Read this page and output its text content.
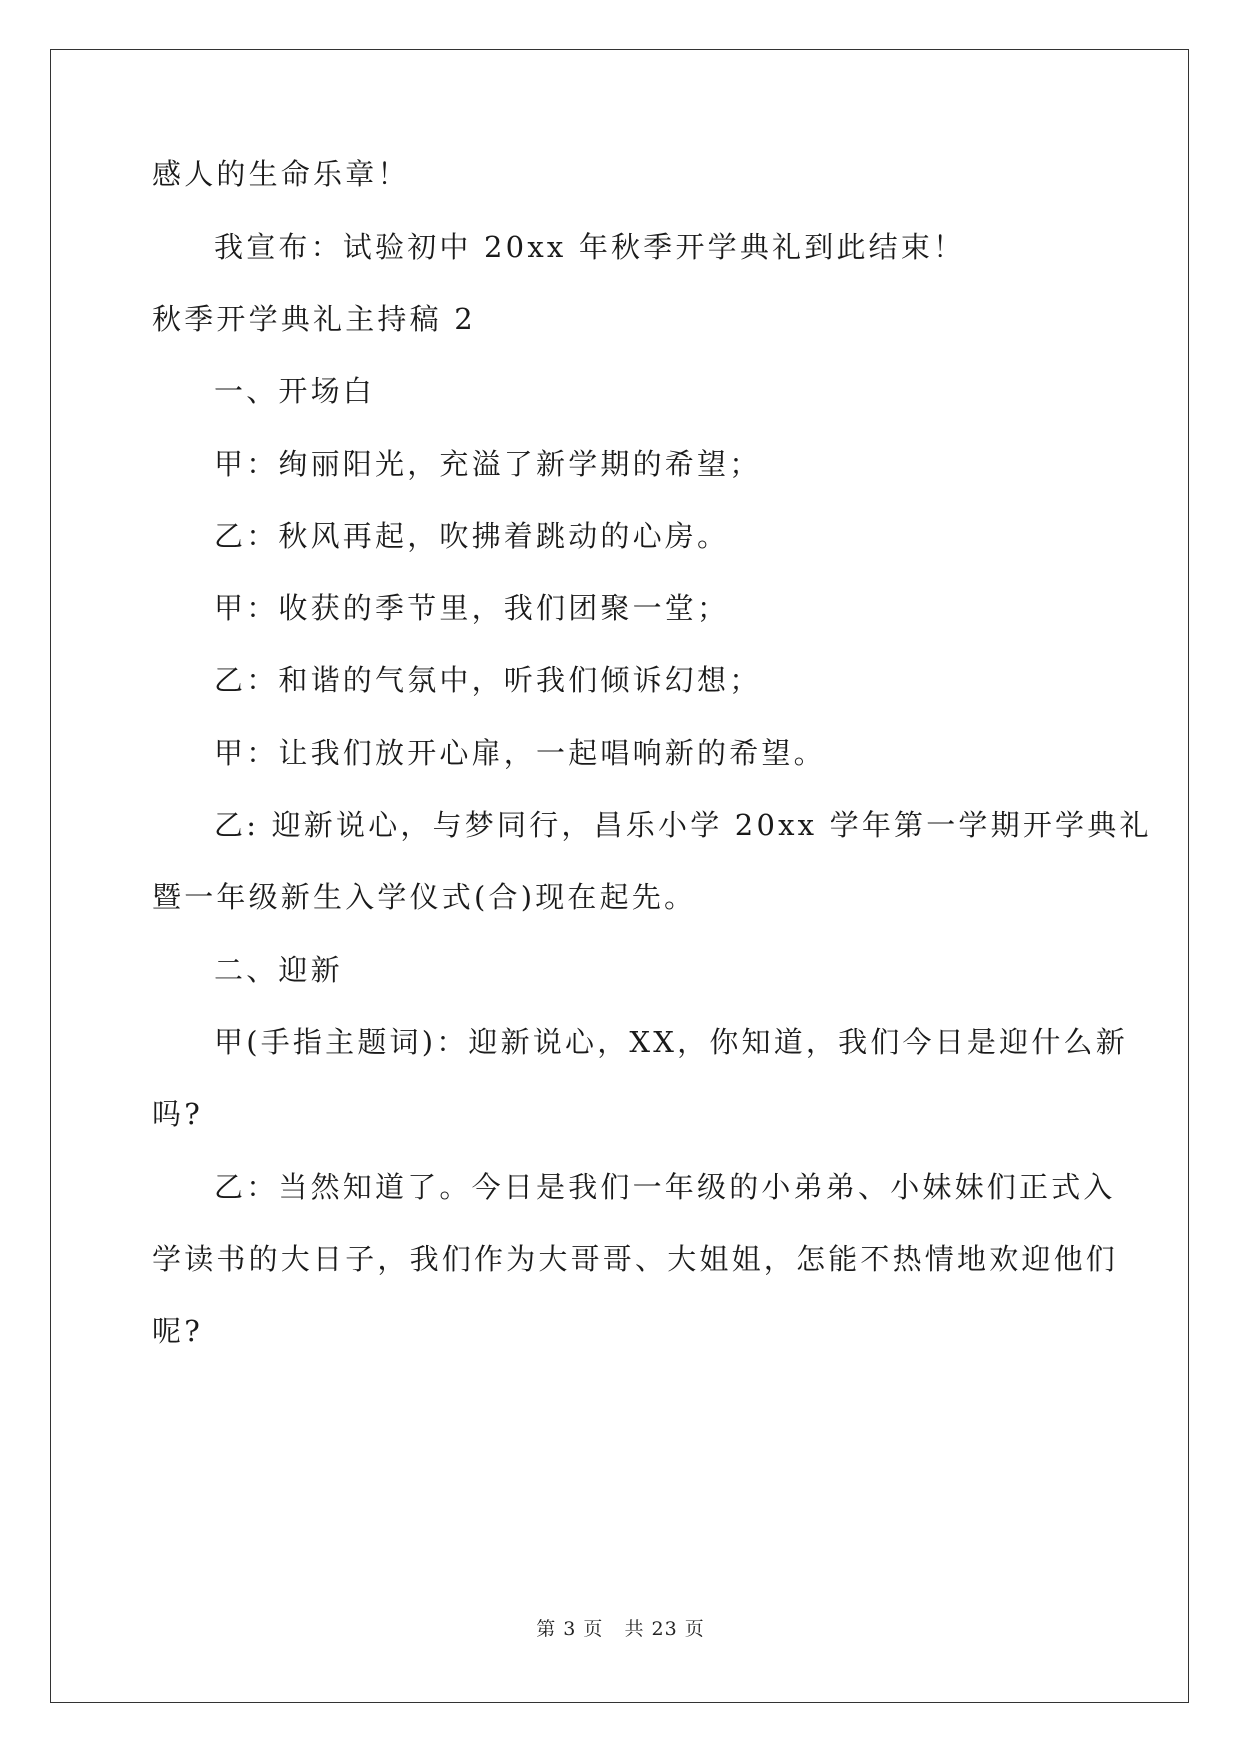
感人的生命乐章！
我宣布：试验初中 20xx 年秋季开学典礼到此结束！
秋季开学典礼主持稿 2
一、开场白
甲：绚丽阳光，充溢了新学期的希望；
乙：秋风再起，吹拂着跳动的心房。
甲：收获的季节里，我们团聚一堂；
乙：和谐的气氛中，听我们倾诉幻想；
甲：让我们放开心扉，一起唱响新的希望。
乙: 迎新说心，与梦同行，昌乐小学 20xx 学年第一学期开学典礼
暨一年级新生入学仪式(合)现在起先。
二、迎新
甲(手指主题词)：迎新说心，XX，你知道，我们今日是迎什么新
吗?
乙：当然知道了。今日是我们一年级的小弟弟、小妹妹们正式入
学读书的大日子，我们作为大哥哥、大姐姐，怎能不热情地欢迎他们
呢?
第 3 页 共 23 页
